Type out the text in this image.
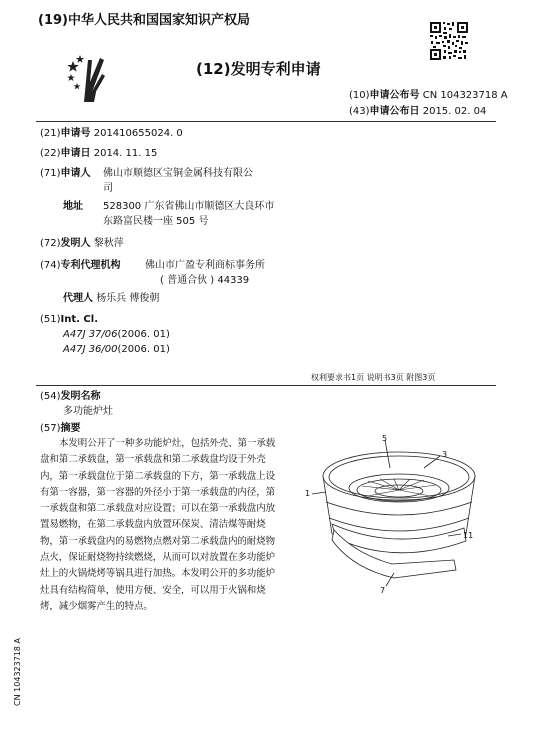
(19)中华人民共和国国家知识产权局
(12)发明专利申请
(10)申请公布号 CN 104323718 A
(43)申请公布日 2015. 02. 04
(21)申请号 201410655024. 0
(22)申请日 2014. 11. 15
(71)申请人 佛山市顺德区宝铜金属科技有限公
司
地址 528300 广东省佛山市顺德区大良环市
东路富民楼一座 505 号
(72)发明人 黎秋萍
(74)专利代理机构 佛山市广盈专利商标事务所
( 普通合伙 ) 44339
代理人 杨乐兵 傅俊朝
(51)Int. Cl.
A47J 37/06(2006. 01)
A47J 36/00(2006. 01)
权利要求书1页 说明书3页 附图3页
(54)发明名称
多功能炉灶
(57)摘要
本发明公开了一种多功能炉灶，包括外壳、第一承载盘和第二承载盘，第一承载盘和第二承载盘均设于外壳内，第一承载盘位于第二承载盘的下方，第一承载盘上设有第一容器，第一容器的外径小于第一承载盘的内径，第一承载盘和第二承载盘对应设置；可以在第一承载盘内放置易燃物，在第二承载盘内放置环保炭、清洁煤等耐烧物，第一承载盘内的易燃物点燃对第二承载盘内的耐烧物点火，保证耐烧物持续燃烧，从而可以对放置在多功能炉灶上的火锅烧烤等锅具进行加热。本发明公开的多功能炉灶具有结构简单，使用方便、安全，可以用于火锅和烧烤，减少烟雾产生的特点。
5
3
1
11
7
CN 104323718 A
